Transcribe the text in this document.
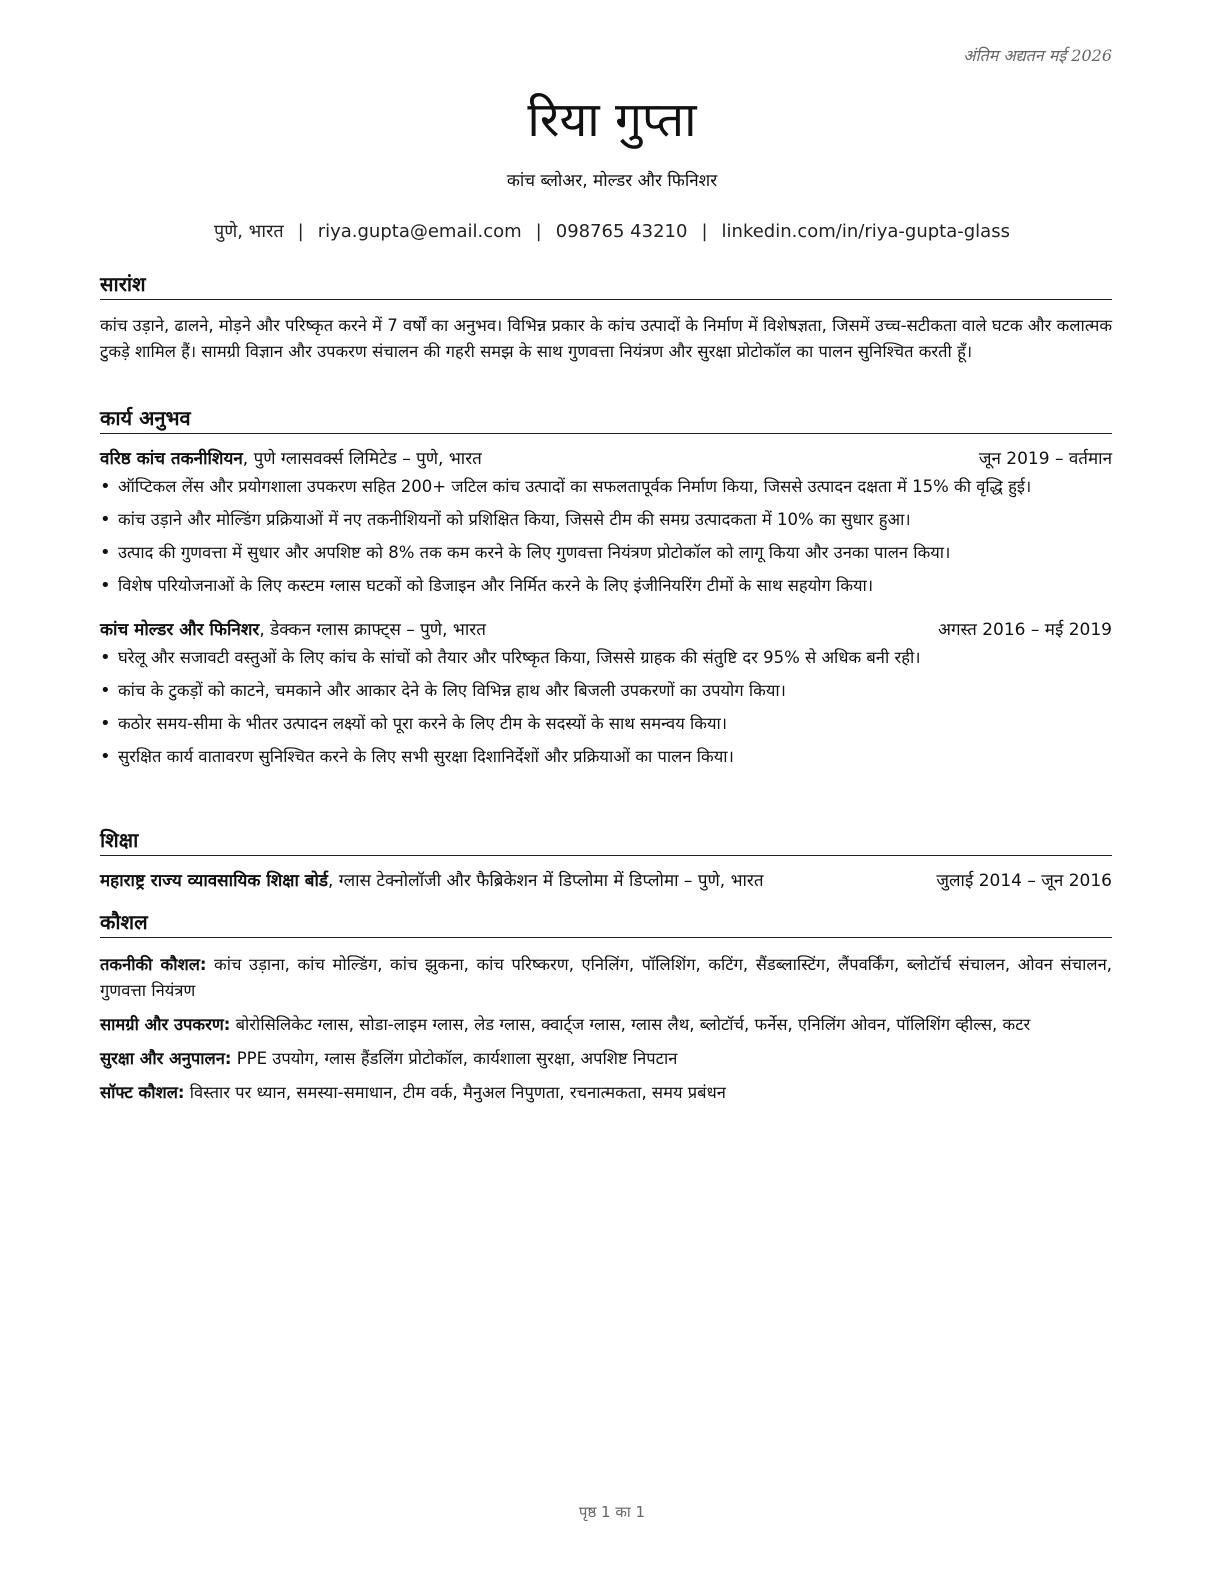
अंतिम अद्यतन मई 2026
रिया गुप्ता

कांच ब्लोअर, मोल्डर और फिनिशर

पुणे, भारत | riya.gupta@email.com | 098765 43210 | linkedin.com/in/riya-gupta-glass
सारांश

कांच उड़ाने, ढालने, मोड़ने और परिष्कृत करने में 7 वर्षों का अनुभव। विभिन्न प्रकार के कांच उत्पादों के निर्माण में विशेषज्ञता, जिसमें उच्च-सटीकता वाले घटक और कलात्मक टुकड़े शामिल हैं। सामग्री विज्ञान और उपकरण संचालन की गहरी समझ के साथ गुणवत्ता नियंत्रण और सुरक्षा प्रोटोकॉल का पालन सुनिश्चित करती हूँ।

कार्य अनुभव
वरिष्ठ कांच तकनीशियन, पुणे ग्लासवर्क्स लिमिटेड – पुणे, भारत	जून 2019 – वर्तमान
• ऑप्टिकल लेंस और प्रयोगशाला उपकरण सहित 200+ जटिल कांच उत्पादों का सफलतापूर्वक निर्माण किया, जिससे उत्पादन दक्षता में 15% की वृद्धि हुई।
• कांच उड़ाने और मोल्डिंग प्रक्रियाओं में नए तकनीशियनों को प्रशिक्षित किया, जिससे टीम की समग्र उत्पादकता में 10% का सुधार हुआ।
• उत्पाद की गुणवत्ता में सुधार और अपशिष्ट को 8% तक कम करने के लिए गुणवत्ता नियंत्रण प्रोटोकॉल को लागू किया और उनका पालन किया।
• विशेष परियोजनाओं के लिए कस्टम ग्लास घटकों को डिजाइन और निर्मित करने के लिए इंजीनियरिंग टीमों के साथ सहयोग किया।
कांच मोल्डर और फिनिशर, डेक्कन ग्लास क्राफ्ट्स – पुणे, भारत	अगस्त 2016 – मई 2019
• घरेलू और सजावटी वस्तुओं के लिए कांच के सांचों को तैयार और परिष्कृत किया, जिससे ग्राहक की संतुष्टि दर 95% से अधिक बनी रही।
• कांच के टुकड़ों को काटने, चमकाने और आकार देने के लिए विभिन्न हाथ और बिजली उपकरणों का उपयोग किया।
• कठोर समय-सीमा के भीतर उत्पादन लक्ष्यों को पूरा करने के लिए टीम के सदस्यों के साथ समन्वय किया।
• सुरक्षित कार्य वातावरण सुनिश्चित करने के लिए सभी सुरक्षा दिशानिर्देशों और प्रक्रियाओं का पालन किया।
शिक्षा
महाराष्ट्र राज्य व्यावसायिक शिक्षा बोर्ड, ग्लास टेक्नोलॉजी और फैब्रिकेशन में डिप्लोमा में डिप्लोमा – पुणे, भारत	जुलाई 2014 – जून 2016
कौशल
तकनीकी कौशल: कांच उड़ाना, कांच मोल्डिंग, कांच झुकना, कांच परिष्करण, एनिलिंग, पॉलिशिंग, कटिंग, सैंडब्लास्टिंग, लैंपवर्किंग, ब्लोटॉर्च संचालन, ओवन संचालन, गुणवत्ता नियंत्रण
सामग्री और उपकरण: बोरोसिलिकेट ग्लास, सोडा-लाइम ग्लास, लेड ग्लास, क्वार्ट्ज ग्लास, ग्लास लैथ, ब्लोटॉर्च, फर्नेस, एनिलिंग ओवन, पॉलिशिंग व्हील्स, कटर
सुरक्षा और अनुपालन: PPE उपयोग, ग्लास हैंडलिंग प्रोटोकॉल, कार्यशाला सुरक्षा, अपशिष्ट निपटान
सॉफ्ट कौशल: विस्तार पर ध्यान, समस्या-समाधान, टीम वर्क, मैनुअल निपुणता, रचनात्मकता, समय प्रबंधन
पृष्ठ 1 का 1
